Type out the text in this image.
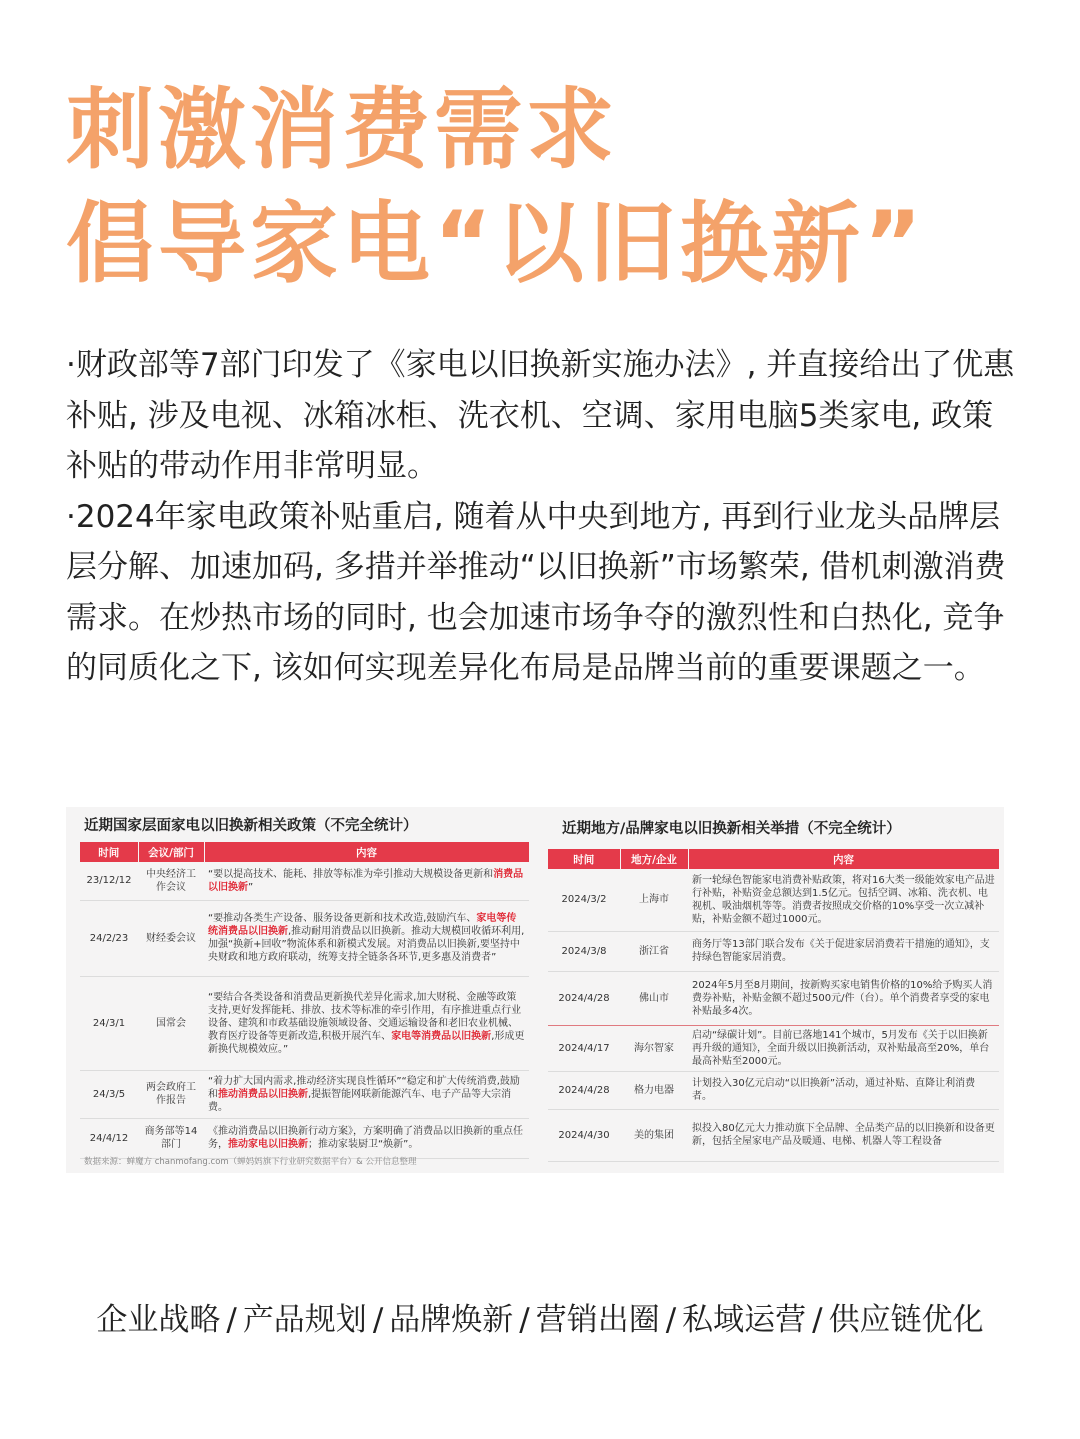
刺激消费需求
倡导家电“以旧换新”

·财政部等7部门印发了《家电以旧换新实施办法》, 并直接给出了优惠补贴, 涉及电视、冰箱冰柜、洗衣机、空调、家用电脑5类家电, 政策补贴的带动作用非常明显。

·2024年家电政策补贴重启, 随着从中央到地方, 再到行业龙头品牌层层分解、加速加码, 多措并举推动“以旧换新”市场繁荣, 借机刺激消费需求。在炒热市场的同时, 也会加速市场争夺的激烈性和白热化, 竞争的同质化之下, 该如何实现差异化布局是品牌当前的重要课题之一。

近期国家层面家电以旧换新相关政策（不完全统计）
时间	会议/部门	内容
23/12/12	中央经济工作会议	“要以提高技术、能耗、排放等标准为牵引推动大规模设备更新和消费品以旧换新”
24/2/23	财经委会议	“要推动各类生产设备、服务设备更新和技术改造,鼓励汽车、家电等传统消费品以旧换新,推动耐用消费品以旧换新。推动大规模回收循环利用,加强“换新+回收”物流体系和新模式发展。对消费品以旧换新,要坚持中央财政和地方政府联动，统筹支持全链条各环节,更多惠及消费者”
24/3/1	国常会	“要结合各类设备和消费品更新换代差异化需求,加大财税、金融等政策支持,更好发挥能耗、排放、技术等标准的牵引作用，有序推进重点行业设备、建筑和市政基础设施领域设备、交通运输设备和老旧农业机械、教育医疗设备等更新改造,积极开展汽车、家电等消费品以旧换新,形成更新换代规模效应。”
24/3/5	两会政府工作报告	“着力扩大国内需求,推动经济实现良性循环”“稳定和扩大传统消费,鼓励和推动消费品以旧换新,提振智能网联新能源汽车、电子产品等大宗消费。
24/4/12	商务部等14部门	《推动消费品以旧换新行动方案》，方案明确了消费品以旧换新的重点任务，推动家电以旧换新；推动家装厨卫“焕新”。
数据来源：蝉魔方 chanmofang.com（蝉妈妈旗下行业研究数据平台）& 公开信息整理
近期地方/品牌家电以旧换新相关举措（不完全统计）
时间	地方/企业	内容
2024/3/2	上海市	新一轮绿色智能家电消费补贴政策，将对16大类一级能效家电产品进行补贴，补贴资金总额达到1.5亿元。包括空调、冰箱、洗衣机、电视机、吸油烟机等等。消费者按照成交价格的10%享受一次立减补贴，补贴金额不超过1000元。
2024/3/8	浙江省	商务厅等13部门联合发布《关于促进家居消费若干措施的通知》，支持绿色智能家居消费。
2024/4/28	佛山市	2024年5月至8月期间，按新购买家电销售价格的10%给予购买人消费券补贴，补贴金额不超过500元/件（台）。单个消费者享受的家电补贴最多4次。
2024/4/17	海尔智家	启动“绿碳计划”。目前已落地141个城市，5月发布《关于以旧换新再升级的通知》，全面升级以旧换新活动，双补贴最高至20%，单台最高补贴至2000元。
2024/4/28	格力电器	计划投入30亿元启动“以旧换新”活动，通过补贴、直降让利消费者。
2024/4/30	美的集团	拟投入80亿元大力推动旗下全品牌、全品类产品的以旧换新和设备更新，包括全屋家电产品及暖通、电梯、机器人等工程设备
企业战略 / 产品规划 / 品牌焕新 / 营销出圈 / 私域运营 / 供应链优化
